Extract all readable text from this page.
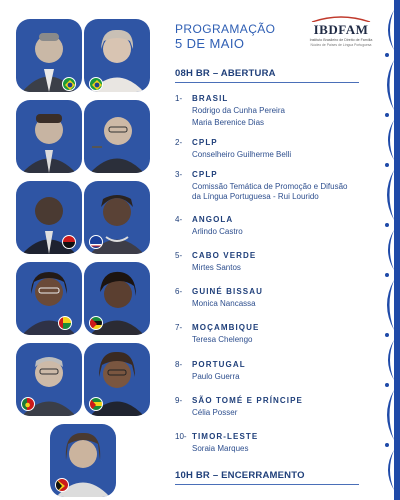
PROGRAMAÇÃO
5 DE MAIO
IBDFAM
Instituto Brasileiro de Direito de Família
Núcleo de Países de Língua Portuguesa
08H BR – ABERTURA
1- BRASIL
Rodrigo da Cunha Pereira
Maria Berenice Dias
2- CPLP
Conselheiro Guilherme Belli
3- CPLP
Comissão Temática de Promoção e Difusão
da Língua Portuguesa - Rui Lourido
4- ANGOLA
Arlindo Castro
5- CABO VERDE
Mirtes Santos
6- GUINÉ BISSAU
Monica Nancassa
7- MOÇAMBIQUE
Teresa Chelengo
8- PORTUGAL
Paulo Guerra
9- SÃO TOMÉ E PRÍNCIPE
Célia Posser
10- TIMOR-LESTE
Soraia Marques
10H BR – ENCERRAMENTO
